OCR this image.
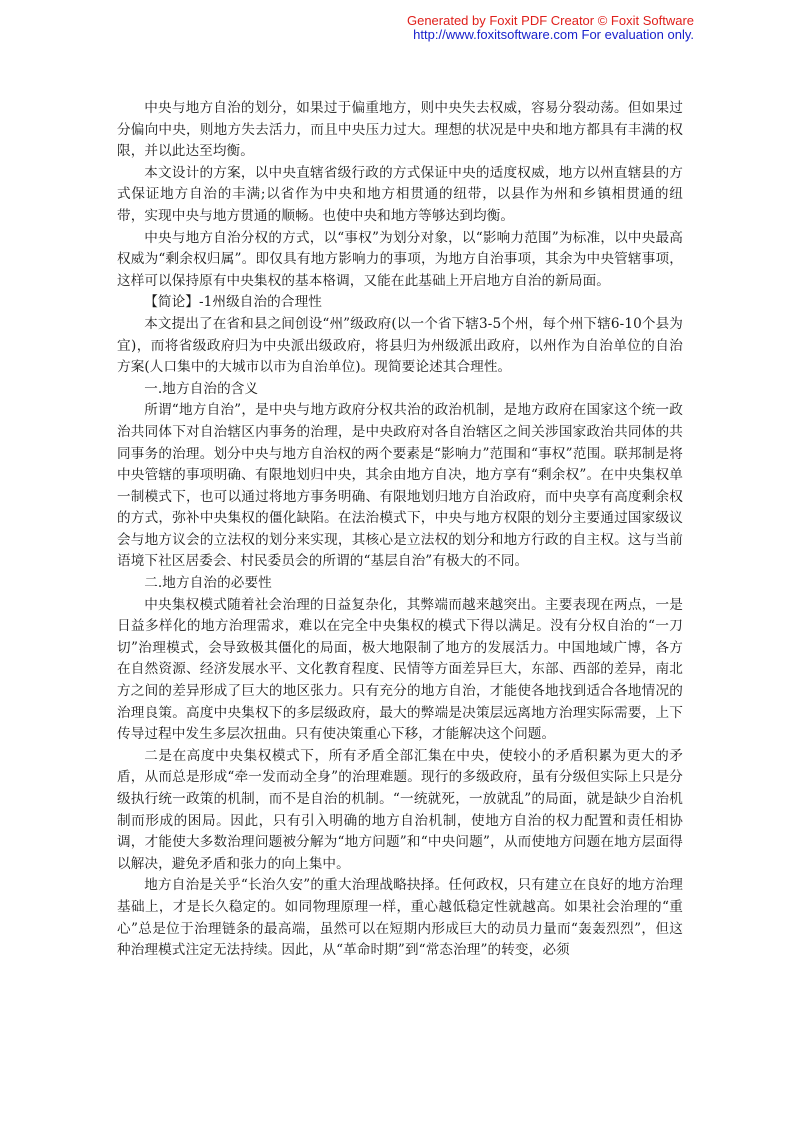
Generated by Foxit PDF Creator © Foxit Software
http://www.foxitsoftware.com For evaluation only.

中央与地方自治的划分，如果过于偏重地方，则中央失去权威，容易分裂动荡。但如果过分偏向中央，则地方失去活力，而且中央压力过大。理想的状况是中央和地方都具有丰满的权限，并以此达至均衡。

本文设计的方案，以中央直辖省级行政的方式保证中央的适度权威，地方以州直辖县的方式保证地方自治的丰满;以省作为中央和地方相贯通的纽带，以县作为州和乡镇相贯通的纽带，实现中央与地方贯通的顺畅。也使中央和地方等够达到均衡。

中央与地方自治分权的方式，以“事权”为划分对象，以“影响力范围”为标准，以中央最高权威为“剩余权归属”。即仅具有地方影响力的事项，为地方自治事项，其余为中央管辖事项，这样可以保持原有中央集权的基本格调，又能在此基础上开启地方自治的新局面。

【简论】-1州级自治的合理性

本文提出了在省和县之间创设“州”级政府(以一个省下辖3-5个州，每个州下辖6-10个县为宜)，而将省级政府归为中央派出级政府，将县归为州级派出政府，以州作为自治单位的自治方案(人口集中的大城市以市为自治单位)。现简要论述其合理性。

一.地方自治的含义

所谓“地方自治”，是中央与地方政府分权共治的政治机制，是地方政府在国家这个统一政治共同体下对自治辖区内事务的治理，是中央政府对各自治辖区之间关涉国家政治共同体的共同事务的治理。划分中央与地方自治权的两个要素是“影响力”范围和“事权”范围。联邦制是将中央管辖的事项明确、有限地划归中央，其余由地方自决，地方享有“剩余权”。在中央集权单一制模式下，也可以通过将地方事务明确、有限地划归地方自治政府，而中央享有高度剩余权的方式，弥补中央集权的僵化缺陷。在法治模式下，中央与地方权限的划分主要通过国家级议会与地方议会的立法权的划分来实现，其核心是立法权的划分和地方行政的自主权。这与当前语境下社区居委会、村民委员会的所谓的“基层自治”有极大的不同。

二.地方自治的必要性

中央集权模式随着社会治理的日益复杂化，其弊端而越来越突出。主要表现在两点，一是日益多样化的地方治理需求，难以在完全中央集权的模式下得以满足。没有分权自治的“一刀切”治理模式，会导致极其僵化的局面，极大地限制了地方的发展活力。中国地域广博，各方在自然资源、经济发展水平、文化教育程度、民情等方面差异巨大，东部、西部的差异，南北方之间的差异形成了巨大的地区张力。只有充分的地方自治，才能使各地找到适合各地情况的治理良策。高度中央集权下的多层级政府，最大的弊端是决策层远离地方治理实际需要，上下传导过程中发生多层次扭曲。只有使决策重心下移，才能解决这个问题。

二是在高度中央集权模式下，所有矛盾全部汇集在中央，使较小的矛盾积累为更大的矛盾，从而总是形成“牵一发而动全身”的治理难题。现行的多级政府，虽有分级但实际上只是分级执行统一政策的机制，而不是自治的机制。“一统就死，一放就乱”的局面，就是缺少自治机制而形成的困局。因此，只有引入明确的地方自治机制，使地方自治的权力配置和责任相协调，才能使大多数治理问题被分解为“地方问题”和“中央问题”，从而使地方问题在地方层面得以解决，避免矛盾和张力的向上集中。

地方自治是关乎“长治久安”的重大治理战略抉择。任何政权，只有建立在良好的地方治理基础上，才是长久稳定的。如同物理原理一样，重心越低稳定性就越高。如果社会治理的“重心”总是位于治理链条的最高端，虽然可以在短期内形成巨大的动员力量而“轰轰烈烈”，但这种治理模式注定无法持续。因此，从“革命时期”到“常态治理”的转变，必须
